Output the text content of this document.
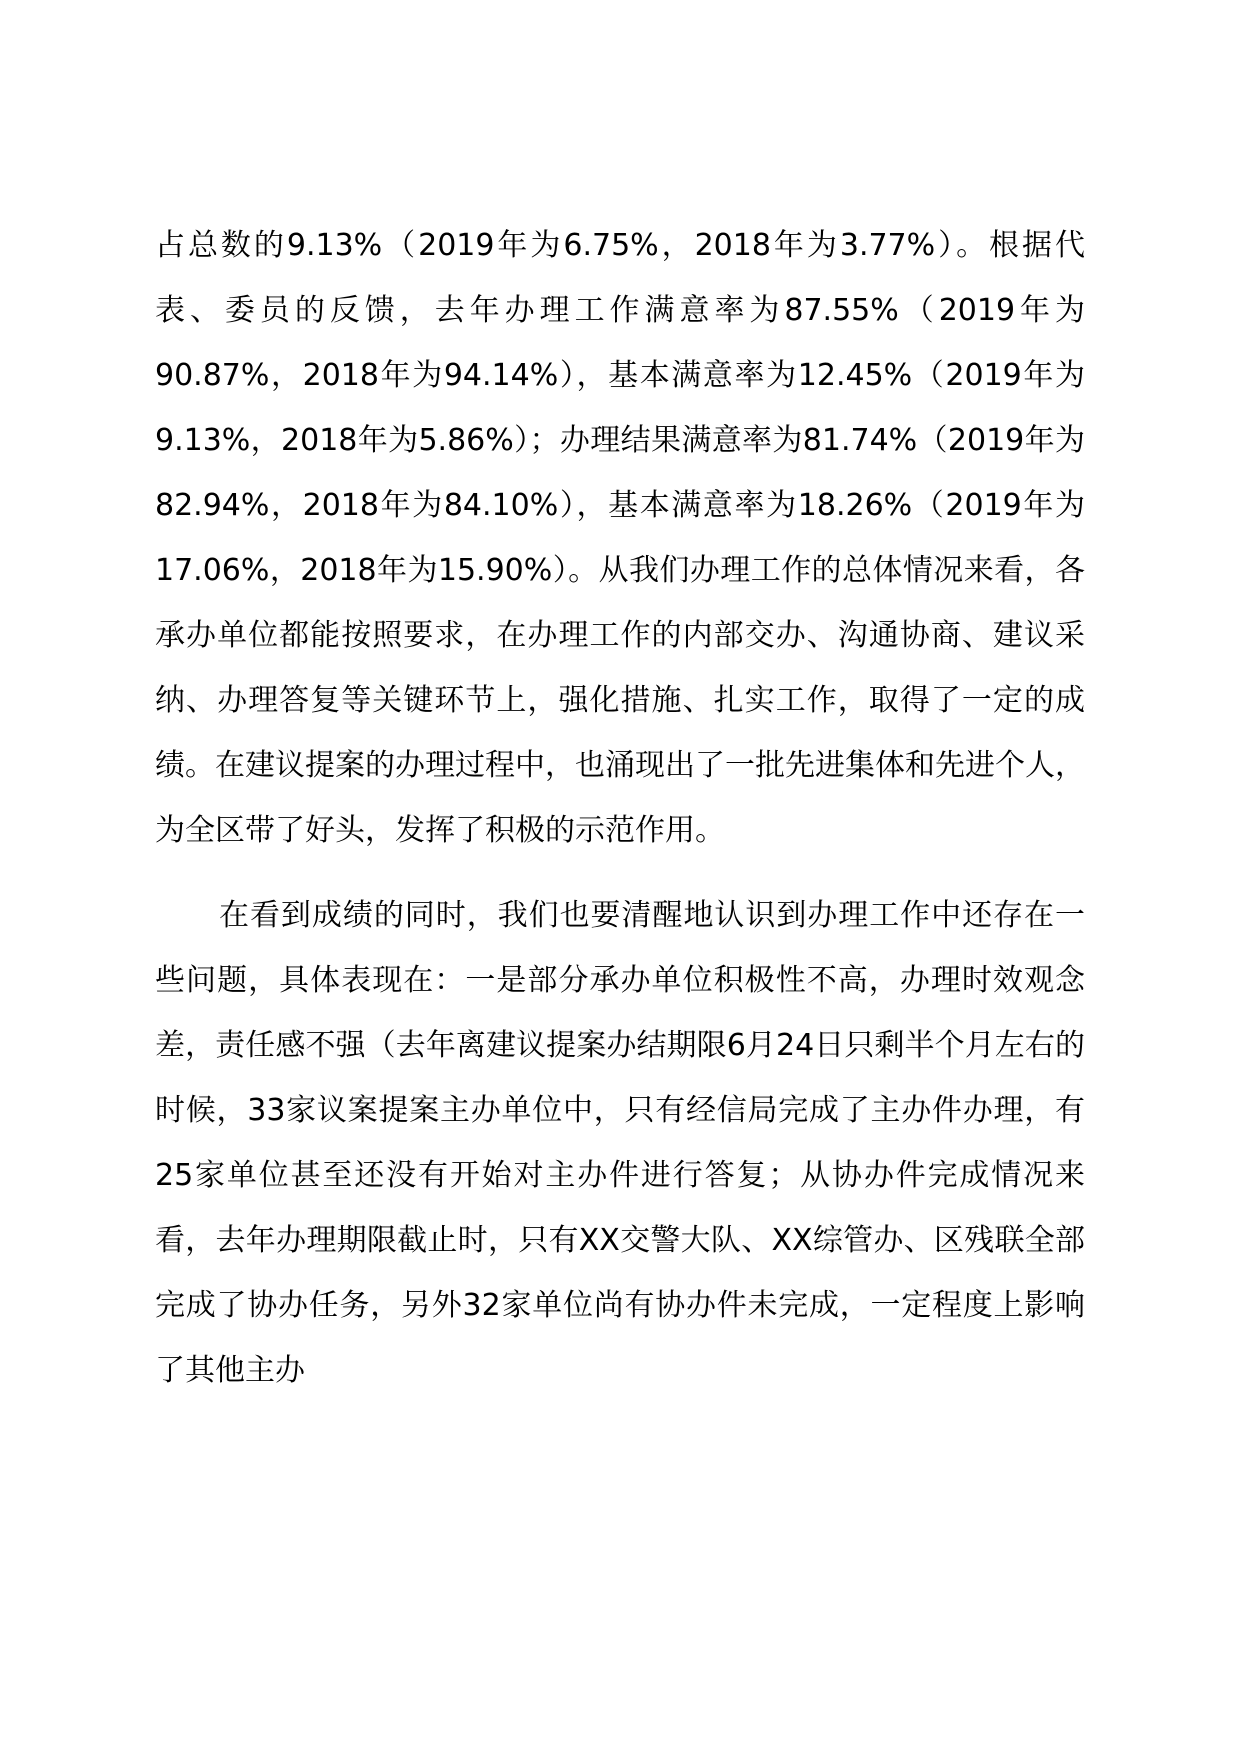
占总数的9.13%（2019年为6.75%，2018年为3.77%）。根据代表、委员的反馈，去年办理工作满意率为87.55%（2019年为90.87%，2018年为94.14%），基本满意率为12.45%（2019年为9.13%，2018年为5.86%）；办理结果满意率为81.74%（2019年为82.94%，2018年为84.10%），基本满意率为18.26%（2019年为17.06%，2018年为15.90%）。从我们办理工作的总体情况来看，各承办单位都能按照要求，在办理工作的内部交办、沟通协商、建议采纳、办理答复等关键环节上，强化措施、扎实工作，取得了一定的成绩。在建议提案的办理过程中，也涌现出了一批先进集体和先进个人，为全区带了好头，发挥了积极的示范作用。

在看到成绩的同时，我们也要清醒地认识到办理工作中还存在一些问题，具体表现在：一是部分承办单位积极性不高，办理时效观念差，责任感不强（去年离建议提案办结期限6月24日只剩半个月左右的时候，33家议案提案主办单位中，只有经信局完成了主办件办理，有25家单位甚至还没有开始对主办件进行答复；从协办件完成情况来看，去年办理期限截止时，只有XX交警大队、XX综管办、区残联全部完成了协办任务，另外32家单位尚有协办件未完成，一定程度上影响了其他主办
